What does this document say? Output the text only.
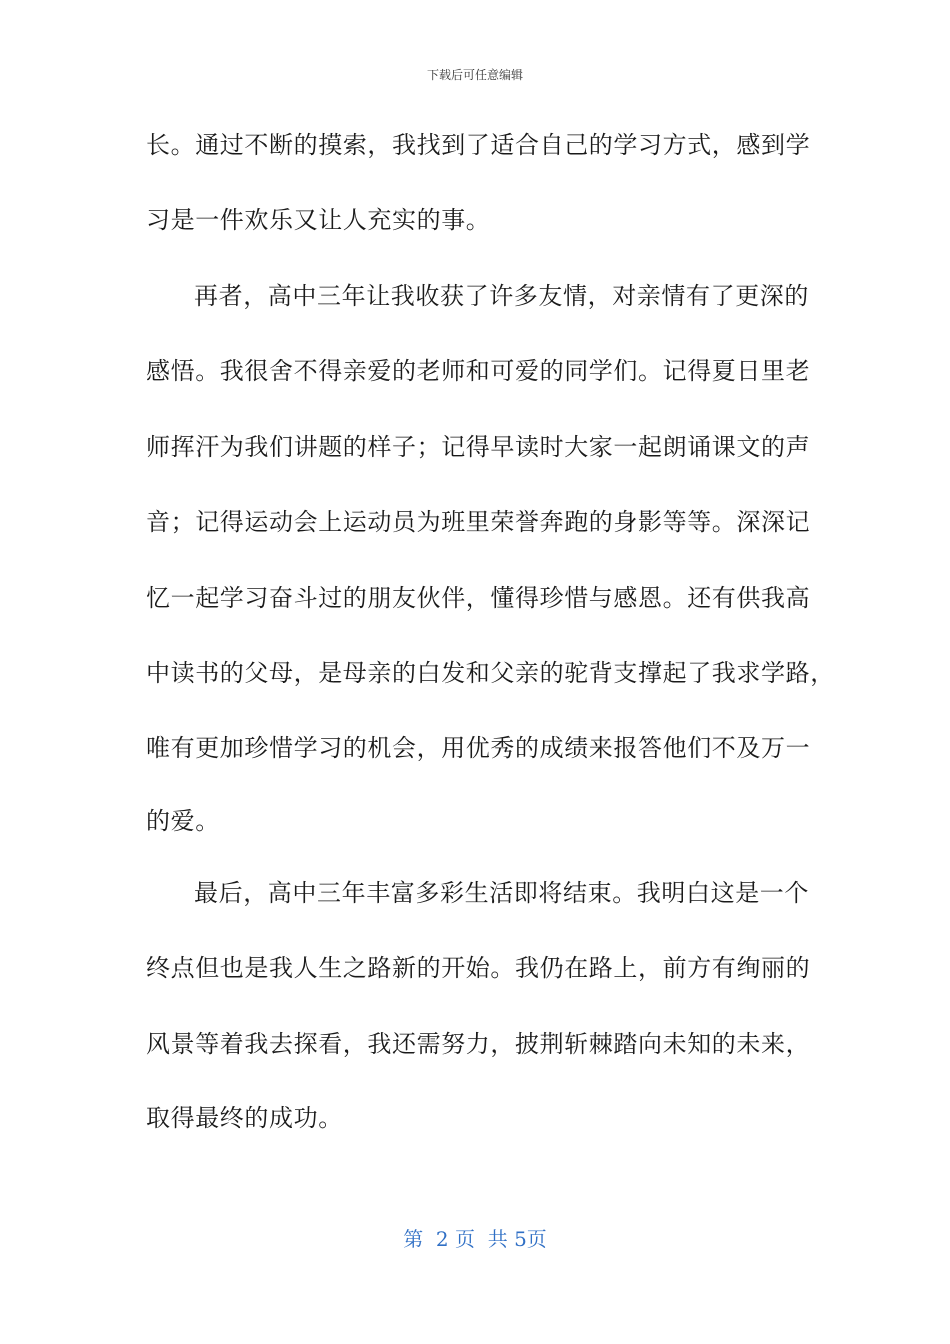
下载后可任意编辑
长。通过不断的摸索，我找到了适合自己的学习方式，感到学
习是一件欢乐又让人充实的事。
再者，高中三年让我收获了许多友情，对亲情有了更深的
感悟。我很舍不得亲爱的老师和可爱的同学们。记得夏日里老
师挥汗为我们讲题的样子；记得早读时大家一起朗诵课文的声
音；记得运动会上运动员为班里荣誉奔跑的身影等等。深深记
忆一起学习奋斗过的朋友伙伴，懂得珍惜与感恩。还有供我高
中读书的父母，是母亲的白发和父亲的驼背支撑起了我求学路，
唯有更加珍惜学习的机会，用优秀的成绩来报答他们不及万一
的爱。
最后，高中三年丰富多彩生活即将结束。我明白这是一个
终点但也是我人生之路新的开始。我仍在路上，前方有绚丽的
风景等着我去探看，我还需努力，披荆斩棘踏向未知的未来，
取得最终的成功。
第  2 页  共 5页
